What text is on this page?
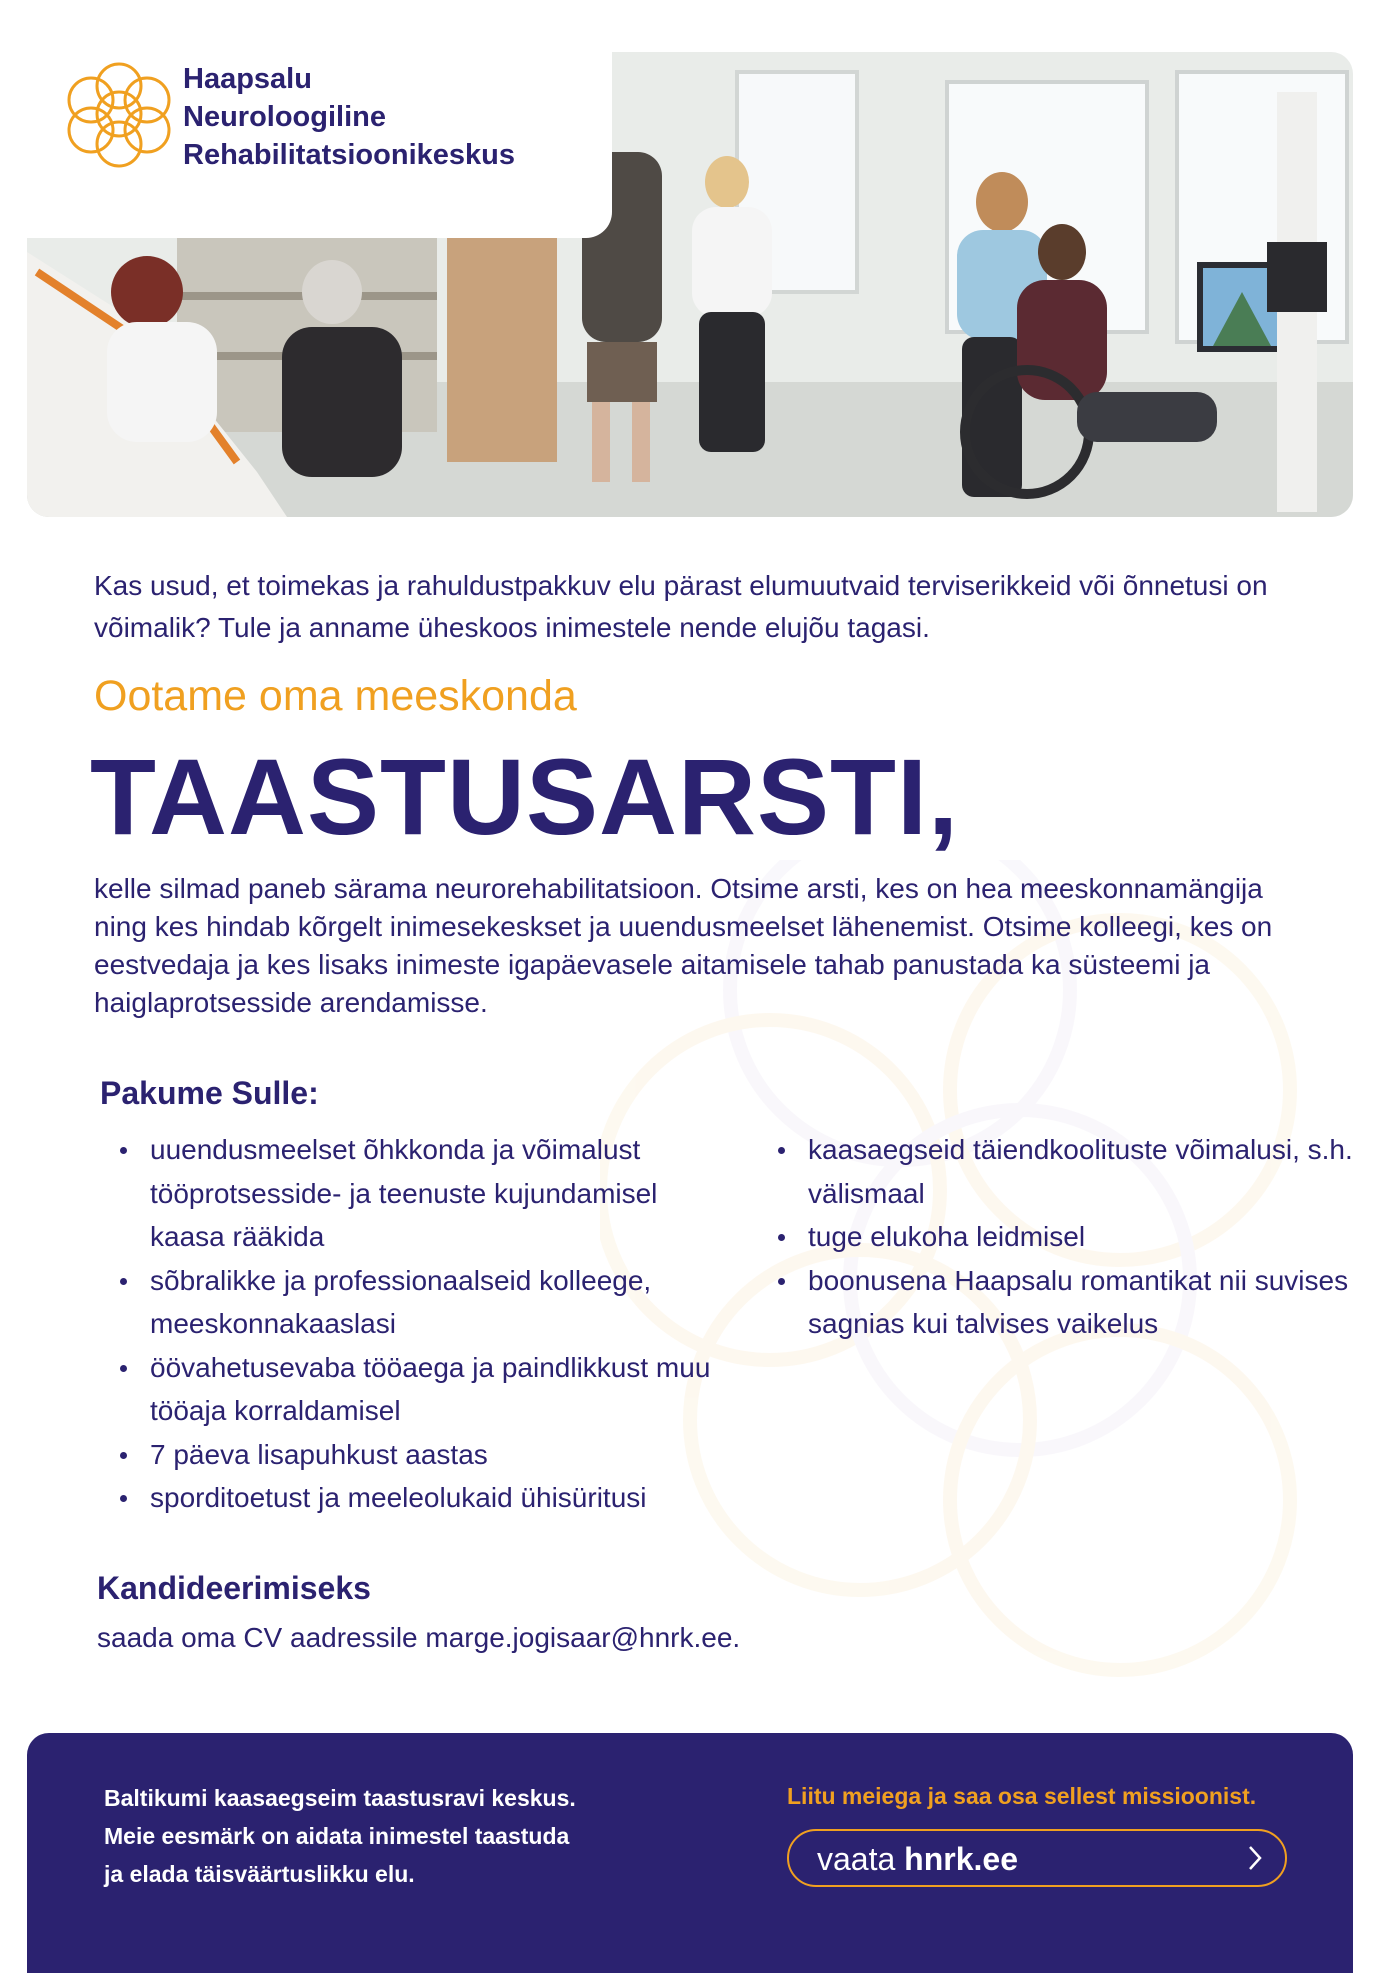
Haapsalu
Neuroloogiline
Rehabilitatsioonikeskus

Kas usud, et toimekas ja rahuldustpakkuv elu pärast elumuutvaid terviserikkeid või õnnetusi on võimalik? Tule ja anname üheskoos inimestele nende elujõu tagasi.

Ootame oma meeskonda
TAASTUSARSTI,

kelle silmad paneb särama neurorehabilitatsioon. Otsime arsti, kes on hea meeskonnamängija ning kes hindab kõrgelt inimesekeskset ja uuendusmeelset lähenemist. Otsime kolleegi, kes on eestvedaja ja kes lisaks inimeste igapäevasele aitamisele tahab panustada ka süsteemi ja haiglaprotsesside arendamisse.

Pakume Sulle:
uuendusmeelset õhkkonda ja võimalust tööprotsesside- ja teenuste kujundamisel kaasa rääkida
sõbralikke ja professionaalseid kolleege, meeskonnakaaslasi
öövahetusevaba tööaega ja paindlikkust muu tööaja korraldamisel
7 päeva lisapuhkust aastas
sporditoetust ja meeleolukaid ühisüritusi
kaasaegseid täiendkoolituste võimalusi, s.h. välismaal
tuge elukoha leidmisel
boonusena Haapsalu romantikat nii suvises sagnias kui talvises vaikelus
Kandideerimiseks
saada oma CV aadressile marge.jogisaar@hnrk.ee.
Baltikumi kaasaegseim taastusravi keskus.
Meie eesmärk on aidata inimestel taastuda
ja elada täisväärtuslikku elu.
Liitu meiega ja saa osa sellest missioonist.
vaata hnrk.ee
